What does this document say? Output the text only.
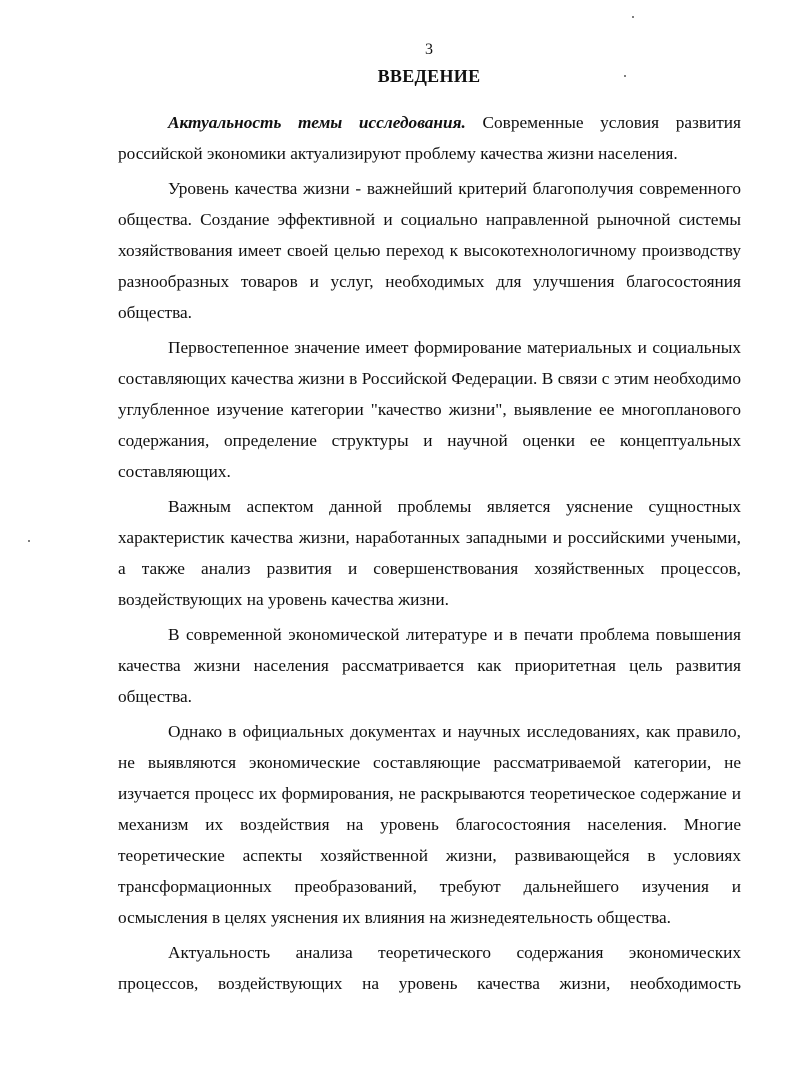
3
ВВЕДЕНИЕ

Актуальность темы исследования. Современные условия развития российской экономики актуализируют проблему качества жизни населения.

Уровень качества жизни - важнейший критерий благополучия современного общества. Создание эффективной и социально направленной рыночной системы хозяйствования имеет своей целью переход к высокотехнологичному производству разнообразных товаров и услуг, необходимых для улучшения благосостояния общества.

Первостепенное значение имеет формирование материальных и социальных составляющих качества жизни в Российской Федерации. В связи с этим необходимо углубленное изучение категории "качество жизни", выявление ее многопланового содержания, определение структуры и научной оценки ее концептуальных составляющих.

Важным аспектом данной проблемы является уяснение сущностных характеристик качества жизни, наработанных западными и российскими учеными, а также анализ развития и совершенствования хозяйственных процессов, воздействующих на уровень качества жизни.

В современной экономической литературе и в печати проблема повышения качества жизни населения рассматривается как приоритетная цель развития общества.

Однако в официальных документах и научных исследованиях, как правило, не выявляются экономические составляющие рассматриваемой категории, не изучается процесс их формирования, не раскрываются теоретическое содержание и механизм их воздействия на уровень благосостояния населения. Многие теоретические аспекты хозяйственной жизни, развивающейся в условиях трансформационных преобразований, требуют дальнейшего изучения и осмысления в целях уяснения их влияния на жизнедеятельность общества.

Актуальность анализа теоретического содержания экономических процессов, воздействующих на уровень качества жизни, необходимость
